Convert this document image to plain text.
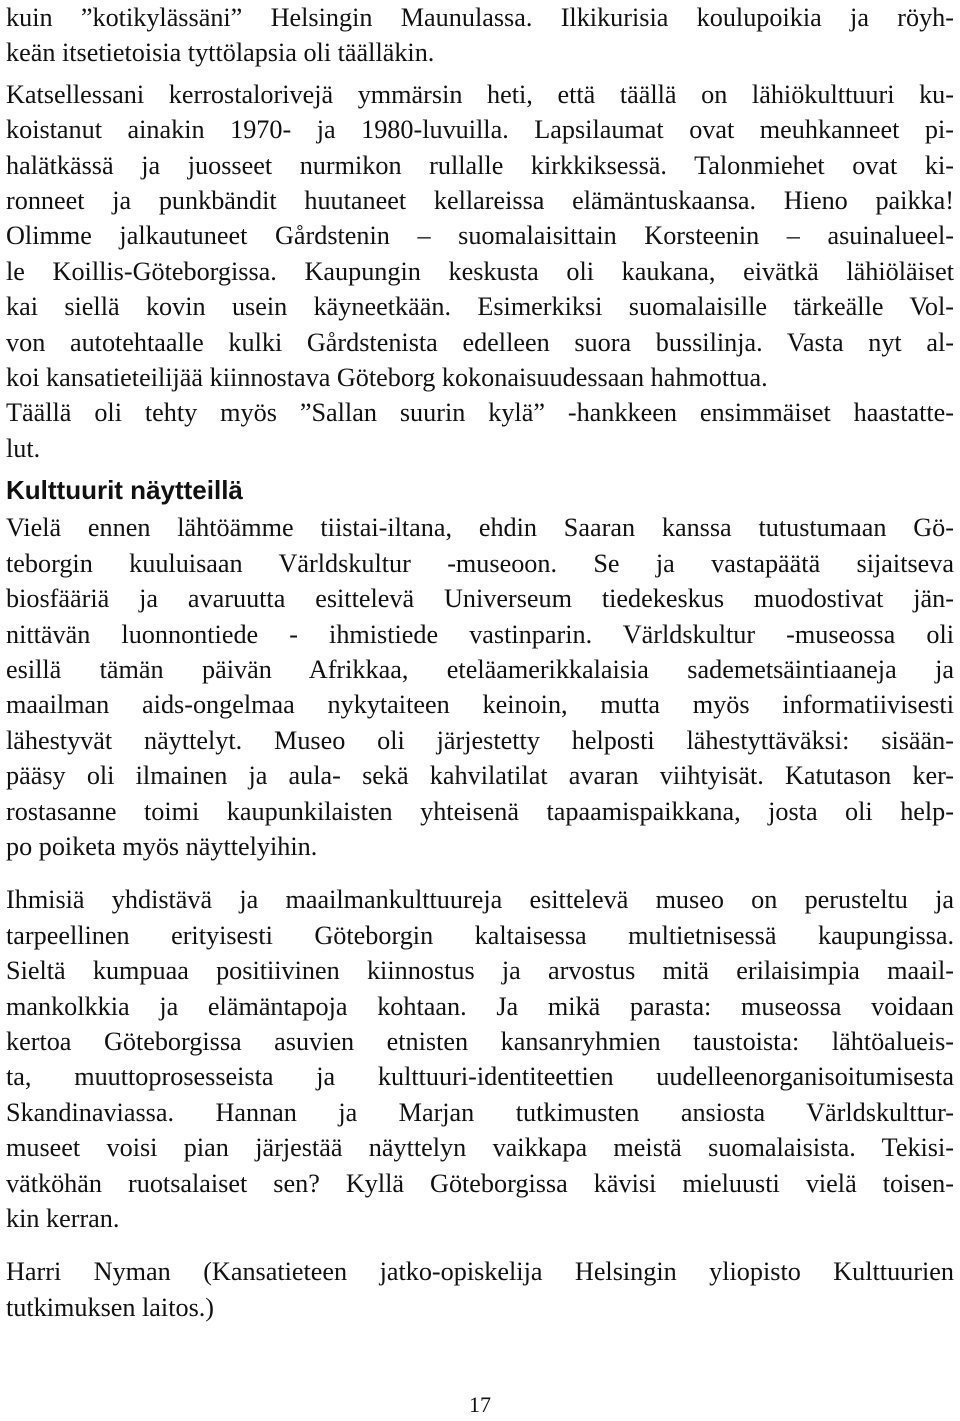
kuin ”kotikylässäni” Helsingin Maunulassa. Ilkikurisia koulupoikia ja röyh-
keän itsetietoisia tyttölapsia oli täälläkin.
Katsellessani kerrostalorivejä ymmärsin heti, että täällä on lähiökulttuuri ku-
koistanut ainakin 1970- ja 1980-luvuilla. Lapsilaumat ovat meuhkanneet pi-
halätkässä ja juosseet nurmikon rullalle kirkkiksessä. Talonmiehet ovat ki-
ronneet ja punkbändit huutaneet kellareissa elämäntuskaansa. Hieno paikka!
Olimme jalkautuneet Gårdstenin – suomalaisittain Korsteenin – asuinalueel-
le Koillis-Göteborgissa. Kaupungin keskusta oli kaukana, eivätkä lähiöläiset
kai siellä kovin usein käyneetkään. Esimerkiksi suomalaisille tärkeälle Vol-
von autotehtaalle kulki Gårdstenista edelleen suora bussilinja. Vasta nyt al-
koi kansatieteilijää kiinnostava Göteborg kokonaisuudessaan hahmottua.
Täällä oli tehty myös ”Sallan suurin kylä” -hankkeen ensimmäiset haastatte-
lut.
Kulttuurit näytteillä
Vielä ennen lähtöämme tiistai-iltana, ehdin Saaran kanssa tutustumaan Gö-
teborgin kuuluisaan Världskultur -museoon. Se ja vastapäätä sijaitseva
biosfääriä ja avaruutta esittelevä Universeum tiedekeskus muodostivat jän-
nittävän luonnontiede - ihmistiede vastinparin. Världskultur -museossa oli
esillä tämän päivän Afrikkaa, eteläamerikkalaisia sademetsäintiaaneja ja
maailman aids-ongelmaa nykytaiteen keinoin, mutta myös informatiivisesti
lähestyvät näyttelyt. Museo oli järjestetty helposti lähestyttäväksi: sisään-
pääsy oli ilmainen ja aula- sekä kahvilatilat avaran viihtyisät. Katutason ker-
rostasanne toimi kaupunkilaisten yhteisenä tapaamispaikkana, josta oli help-
po poiketa myös näyttelyihin.
Ihmisiä yhdistävä ja maailmankulttuureja esittelevä museo on perusteltu ja
tarpeellinen erityisesti Göteborgin kaltaisessa multietnisessä kaupungissa.
Sieltä kumpuaa positiivinen kiinnostus ja arvostus mitä erilaisimpia maail-
mankolkkia ja elämäntapoja kohtaan. Ja mikä parasta: museossa voidaan
kertoa Göteborgissa asuvien etnisten kansanryhmien taustoista: lähtöalueis-
ta, muuttoprosesseista ja kulttuuri-identiteettien uudelleenorganisoitumisesta
Skandinaviassa. Hannan ja Marjan tutkimusten ansiosta Världskulttur-
museet voisi pian järjestää näyttelyn vaikkapa meistä suomalaisista. Tekisi-
vätköhän ruotsalaiset sen? Kyllä Göteborgissa kävisi mieluusti vielä toisen-
kin kerran.
Harri Nyman (Kansatieteen jatko-opiskelija Helsingin yliopisto Kulttuurien
tutkimuksen laitos.)
17
